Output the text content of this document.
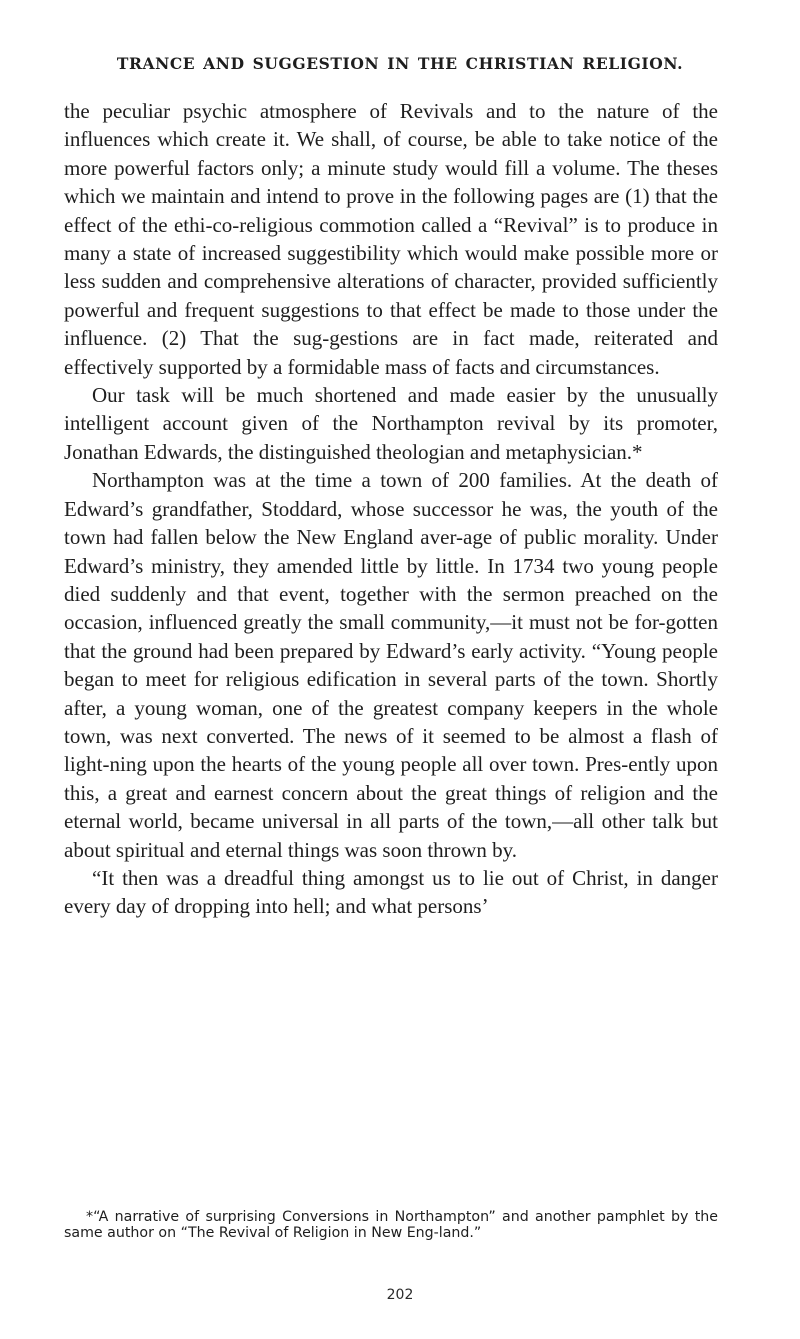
TRANCE AND SUGGESTION IN THE CHRISTIAN RELIGION.

the peculiar psychic atmosphere of Revivals and to the nature of the influences which create it. We shall, of course, be able to take notice of the more powerful factors only; a minute study would fill a volume. The theses which we maintain and intend to prove in the following pages are (1) that the effect of the ethi-co-religious commotion called a “Revival” is to produce in many a state of increased suggestibility which would make possible more or less sudden and comprehensive alterations of character, provided sufficiently powerful and frequent suggestions to that effect be made to those under the influence. (2) That the sug-gestions are in fact made, reiterated and effectively supported by a formidable mass of facts and circumstances.

Our task will be much shortened and made easier by the unusually intelligent account given of the Northampton revival by its promoter, Jonathan Edwards, the distinguished theologian and metaphysician.*

Northampton was at the time a town of 200 families. At the death of Edward’s grandfather, Stoddard, whose successor he was, the youth of the town had fallen below the New England aver-age of public morality. Under Edward’s ministry, they amended little by little. In 1734 two young people died suddenly and that event, together with the sermon preached on the occasion, influenced greatly the small community,—it must not be for-gotten that the ground had been prepared by Edward’s early activity. “Young people began to meet for religious edification in several parts of the town. Shortly after, a young woman, one of the greatest company keepers in the whole town, was next converted. The news of it seemed to be almost a flash of light-ning upon the hearts of the young people all over town. Pres-ently upon this, a great and earnest concern about the great things of religion and the eternal world, became universal in all parts of the town,—all other talk but about spiritual and eternal things was soon thrown by.

“It then was a dreadful thing amongst us to lie out of Christ, in danger every day of dropping into hell; and what persons’

*“A narrative of surprising Conversions in Northampton” and another pamphlet by the same author on “The Revival of Religion in New Eng-land.”

202
